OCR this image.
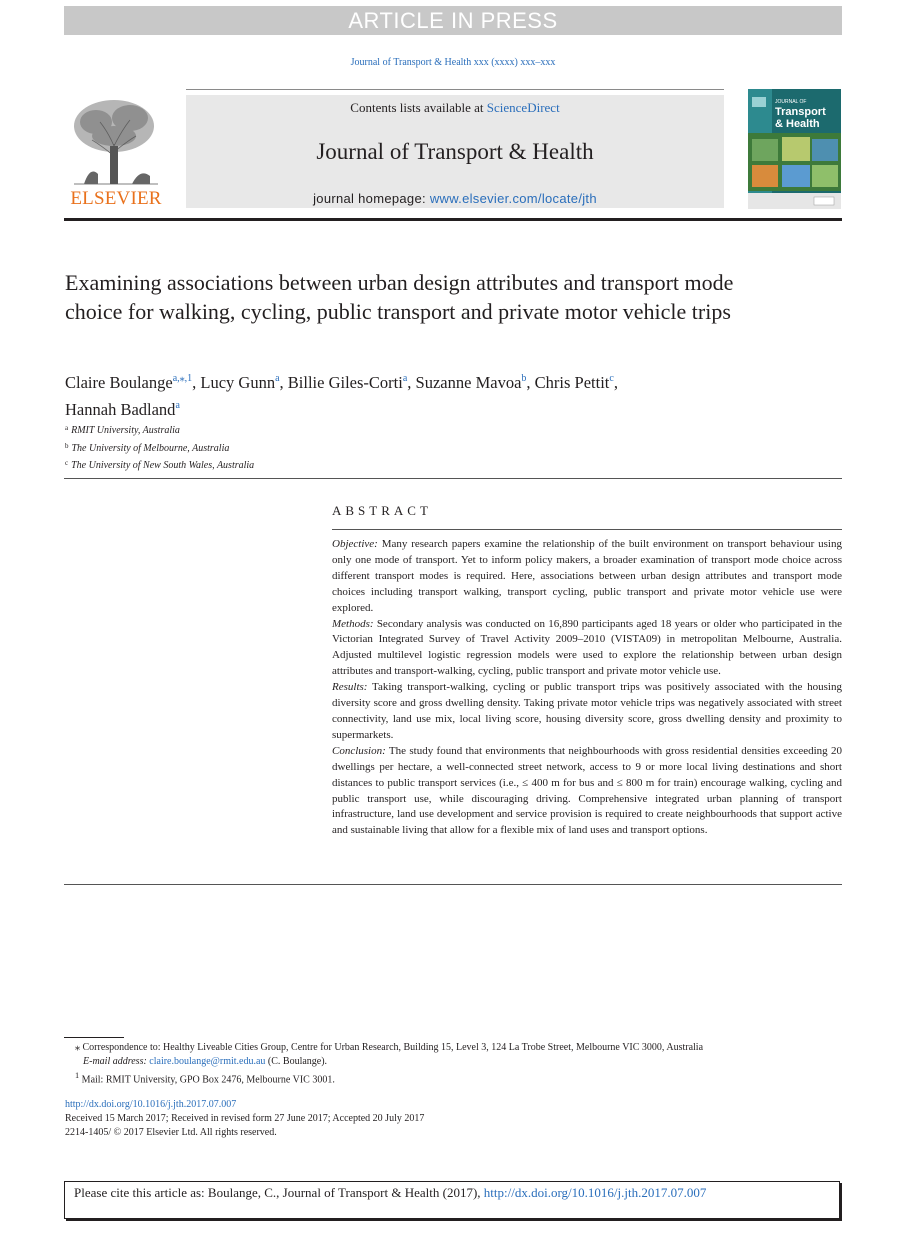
ARTICLE IN PRESS
Journal of Transport & Health xxx (xxxx) xxx–xxx
ELSEVIER
Contents lists available at ScienceDirect
Journal of Transport & Health
journal homepage: www.elsevier.com/locate/jth
JOURNAL OF
Transport
& Health
Examining associations between urban design attributes and transport mode choice for walking, cycling, public transport and private motor vehicle trips
Claire Boulange$^{a,⁎,1}$, Lucy Gunn$^a$, Billie Giles-Corti$^a$, Suzanne Mavoa$^b$, Chris Pettit$^c$,
Hannah Badland$^a$
$^a$ RMIT University, Australia
$^b$ The University of Melbourne, Australia
$^c$ The University of New South Wales, Australia
ABSTRACT

Objective: Many research papers examine the relationship of the built environment on transport behaviour using only one mode of transport. Yet to inform policy makers, a broader examination of transport mode choice across different transport modes is required. Here, associations between urban design attributes and transport mode choices including transport walking, transport cycling, public transport and private motor vehicle use were explored.

Methods: Secondary analysis was conducted on 16,890 participants aged 18 years or older who participated in the Victorian Integrated Survey of Travel Activity 2009–2010 (VISTA09) in metropolitan Melbourne, Australia. Adjusted multilevel logistic regression models were used to explore the relationship between urban design attributes and transport-walking, cycling, public transport and private motor vehicle use.

Results: Taking transport-walking, cycling or public transport trips was positively associated with the housing diversity score and gross dwelling density. Taking private motor vehicle trips was negatively associated with street connectivity, land use mix, local living score, housing diversity score, gross dwelling density and proximity to supermarkets.

Conclusion: The study found that environments that neighbourhoods with gross residential densities exceeding 20 dwellings per hectare, a well-connected street network, access to 9 or more local living destinations and short distances to public transport services (i.e., ≤ 400 m for bus and ≤ 800 m for train) encourage walking, cycling and public transport use, while discouraging driving. Comprehensive integrated urban planning of transport infrastructure, land use development and service provision is required to create neighbourhoods that support active and sustainable living that allow for a flexible mix of land uses and transport options.

⁎ Correspondence to: Healthy Liveable Cities Group, Centre for Urban Research, Building 15, Level 3, 124 La Trobe Street, Melbourne VIC 3000, Australia
E-mail address: claire.boulange@rmit.edu.au (C. Boulange).
$^1$ Mail: RMIT University, GPO Box 2476, Melbourne VIC 3001.
http://dx.doi.org/10.1016/j.jth.2017.07.007
Received 15 March 2017; Received in revised form 27 June 2017; Accepted 20 July 2017
2214-1405/ © 2017 Elsevier Ltd. All rights reserved.
Please cite this article as: Boulange, C., Journal of Transport & Health (2017), http://dx.doi.org/10.1016/j.jth.2017.07.007
